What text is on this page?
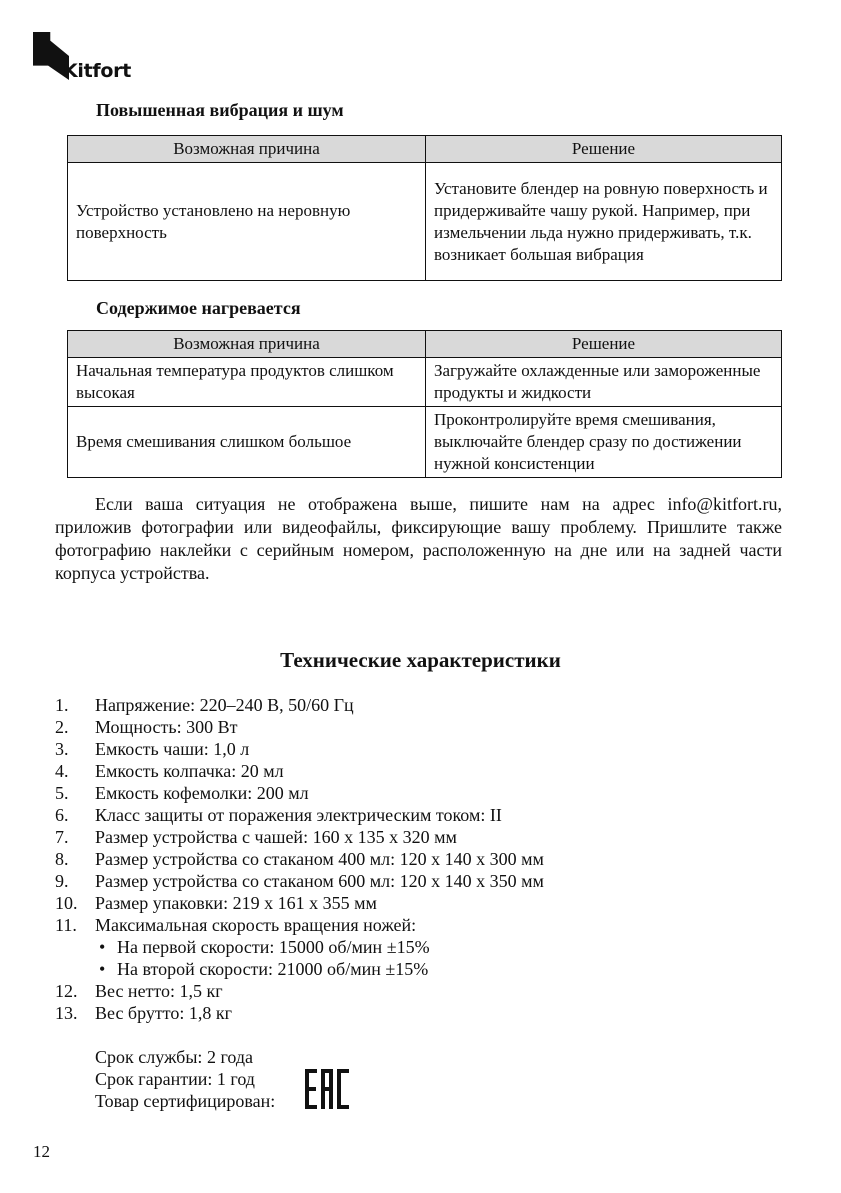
Kitfort
Повышенная вибрация и шум
Возможная причина	Решение
Устройство установлено на неровную поверхность	Установите блендер на ровную поверхность и придерживайте чашу рукой. Например, при измельчении льда нужно придерживать, т.к. возникает большая вибрация
Содержимое нагревается
Возможная причина	Решение
Начальная температура продуктов слишком высокая	Загружайте охлажденные или замороженные продукты и жидкости
Время смешивания слишком большое	Проконтролируйте время смешивания, выключайте блендер сразу по достижении нужной консистенции

Если ваша ситуация не отображена выше, пишите нам на адрес info@kitfort.ru, приложив фотографии или видеофайлы, фиксирующие вашу проблему. Пришлите также фотографию наклейки с серийным номером, расположенную на дне или на задней части корпуса устройства.

Технические характеристики
1. Напряжение: 220–240 В, 50/60 Гц
2. Мощность: 300 Вт
3. Емкость чаши: 1,0 л
4. Емкость колпачка: 20 мл
5. Емкость кофемолки: 200 мл
6. Класс защиты от поражения электрическим током: II
7. Размер устройства с чашей: 160 x 135 x 320 мм
8. Размер устройства со стаканом 400 мл: 120 x 140 x 300 мм
9. Размер устройства со стаканом 600 мл: 120 x 140 x 350 мм
10. Размер упаковки: 219 x 161 x 355 мм
11. Максимальная скорость вращения ножей:
• На первой скорости: 15000 об/мин ±15%
• На второй скорости: 21000 об/мин ±15%
12. Вес нетто: 1,5 кг
13. Вес брутто: 1,8 кг
Срок службы: 2 года
Срок гарантии: 1 год
Товар сертифицирован:
12
